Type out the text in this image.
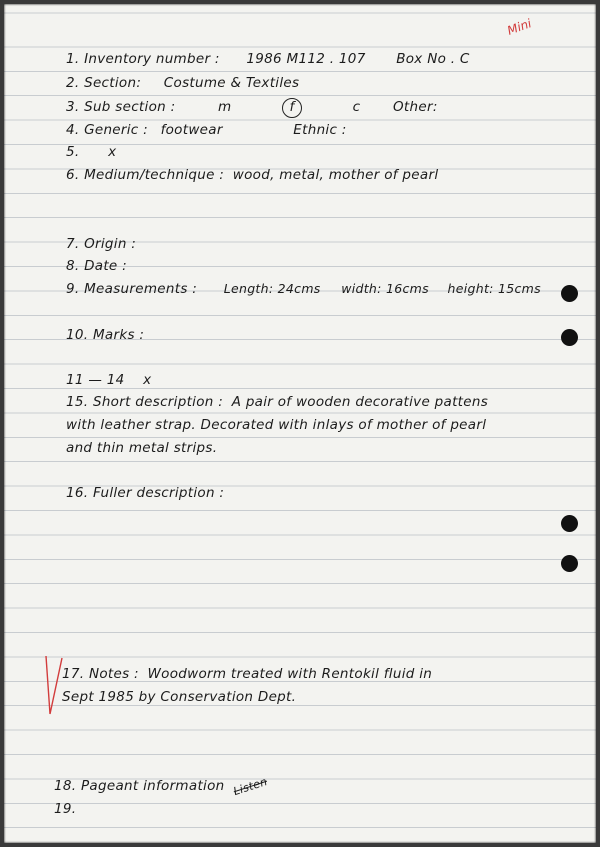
Mini
1. Inventory number : 1986 M112 . 107 Box No . C
2. Section: Costume & Textiles
3. Sub section :	m	f	c Other:
4. Generic : footwear	Ethnic :
5. x
6. Medium/technique : wood, metal, mother of pearl
7. Origin :
8. Date :
9. Measurements : Length: 24cms width: 16cms height: 15cms
10. Marks :
11 — 14 x
15. Short description : A pair of wooden decorative pattens
with leather strap. Decorated with inlays of mother of pearl
and thin metal strips.
16. Fuller description :
17. Notes : Woodworm treated with Rentokil fluid in
Sept 1985 by Conservation Dept.
18. Pageant information Listen
19.
